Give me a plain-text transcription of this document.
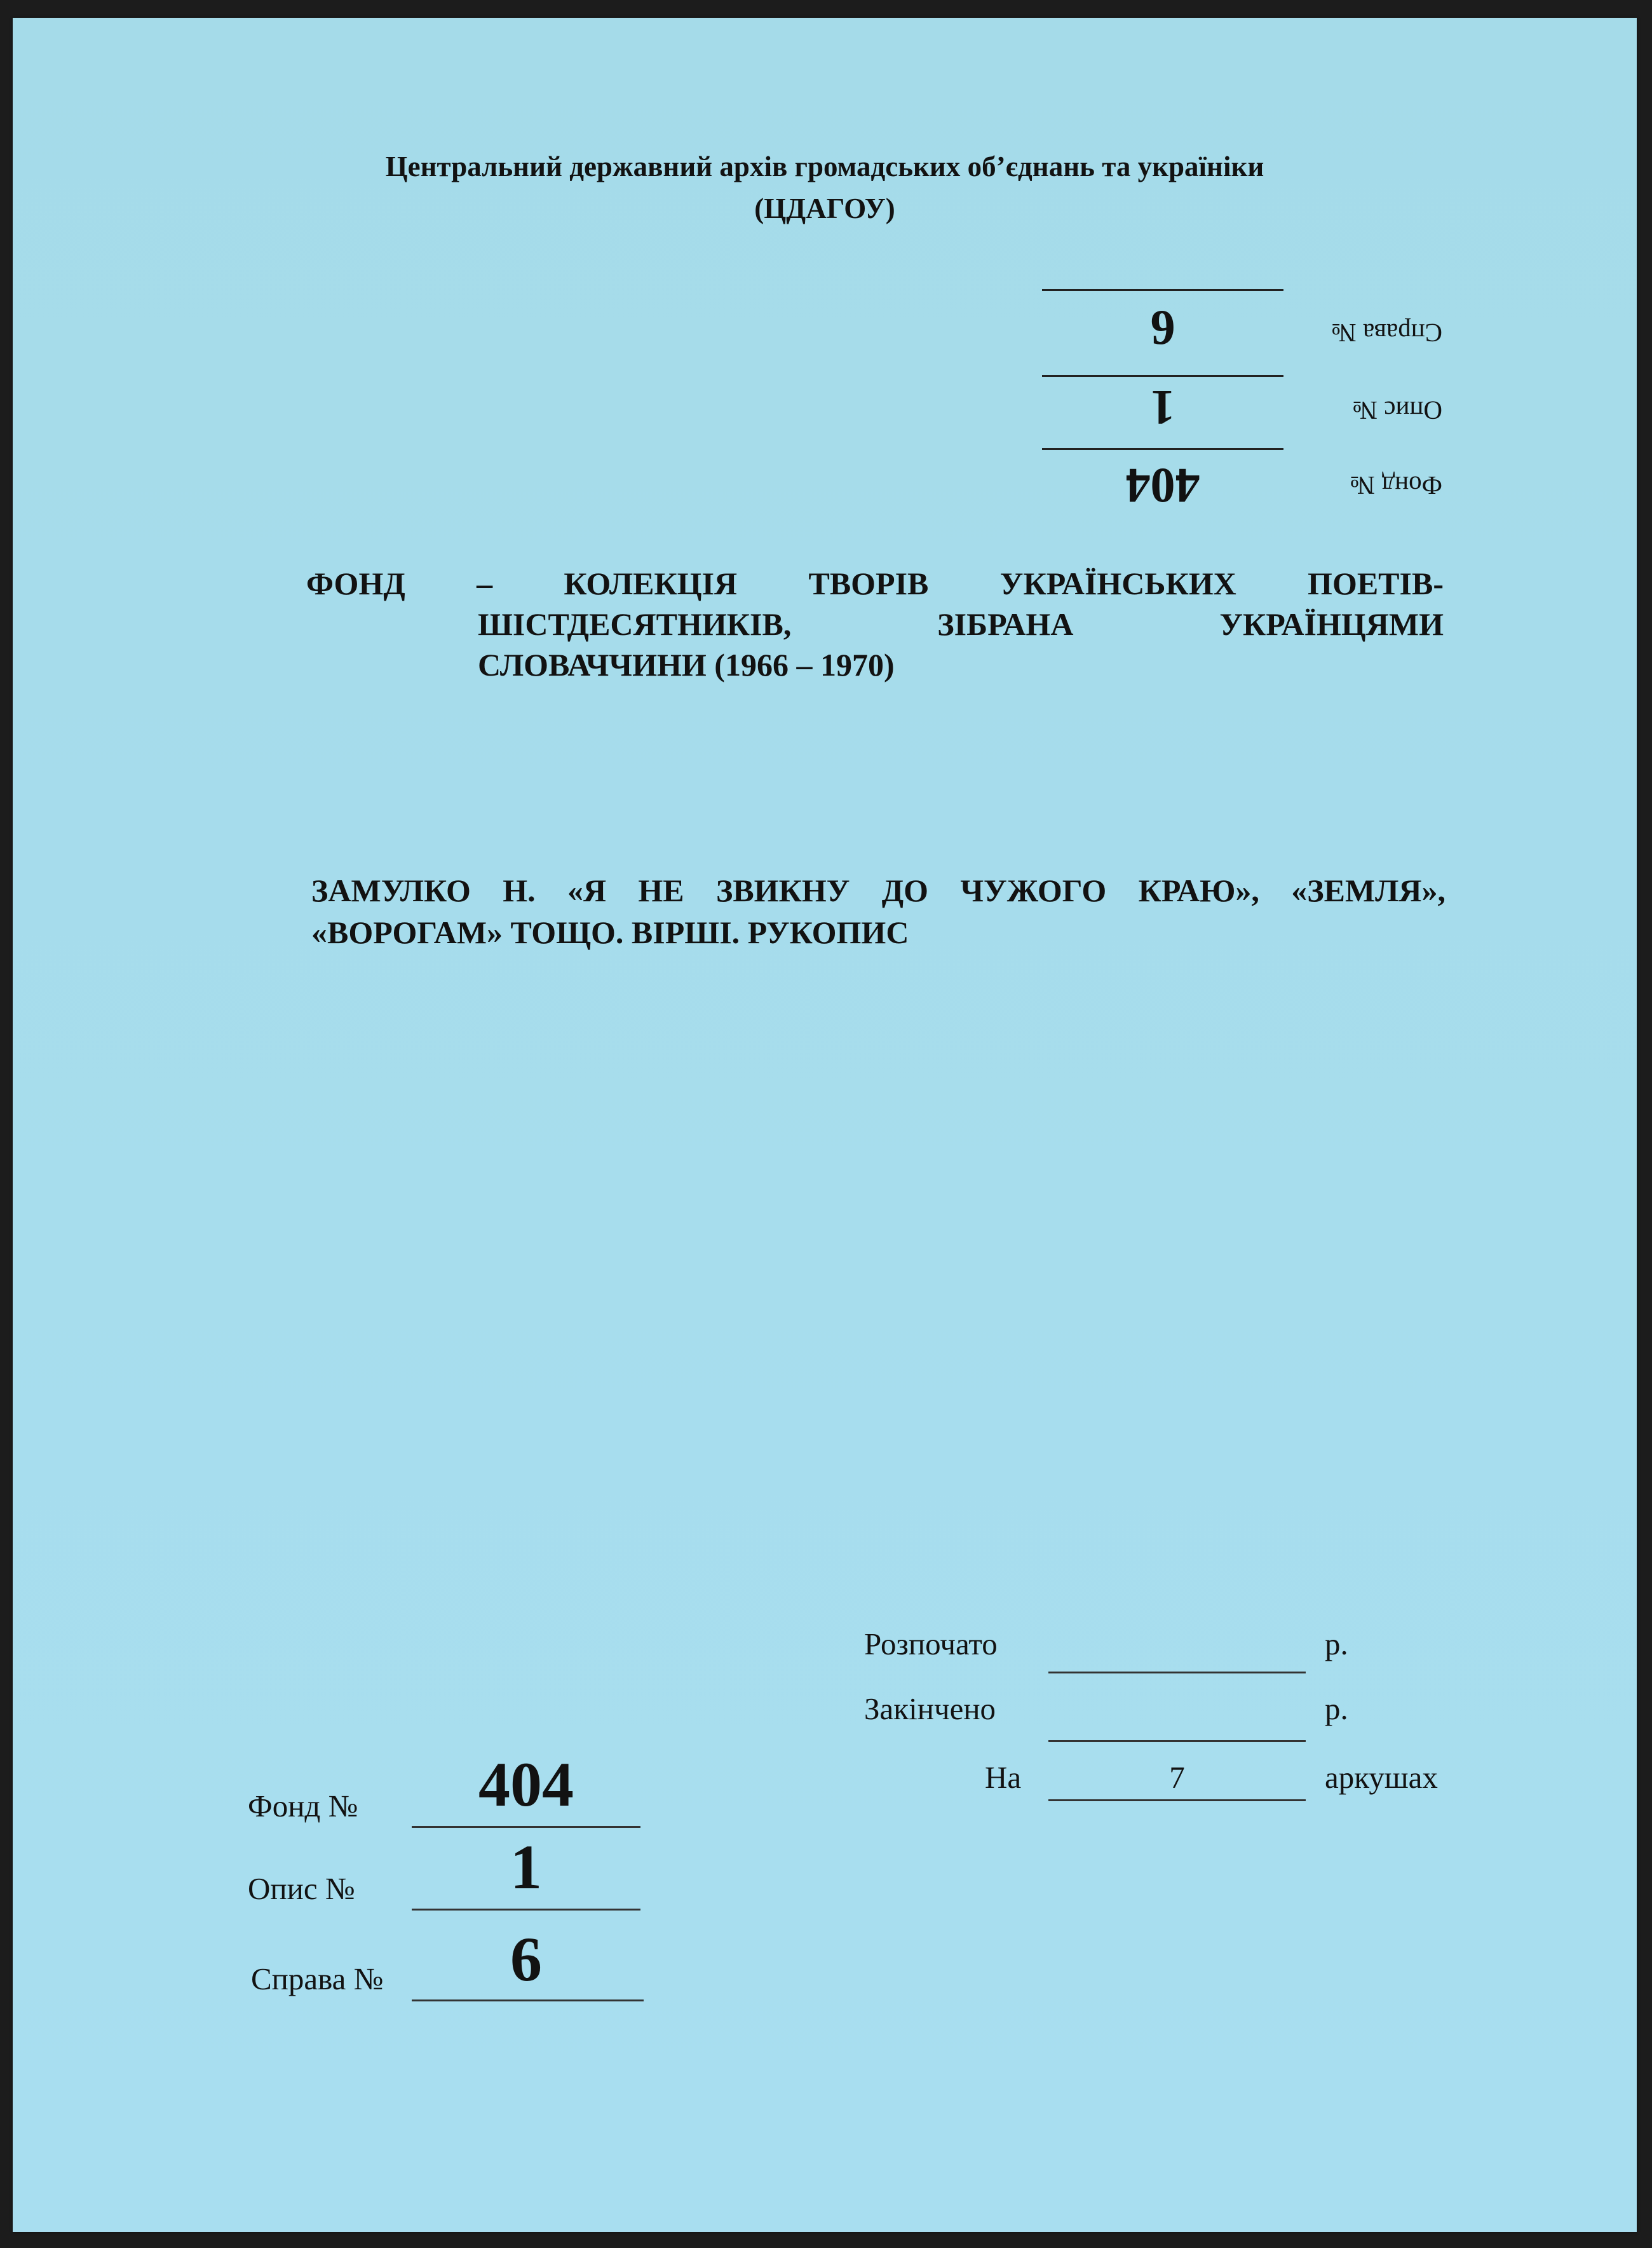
Центральний державний архів громадських об’єднань та україніки
(ЦДАГОУ)
Фонд №
404
Опис №
1
Справа №
6
ФОНД – КОЛЕКЦІЯ ТВОРІВ УКРАЇНСЬКИХ ПОЕТІВ-
ШІСТДЕСЯТНИКІВ, ЗІБРАНА УКРАЇНЦЯМИ
СЛОВАЧЧИНИ (1966 – 1970)
ЗАМУЛКО Н. «Я НЕ ЗВИКНУ ДО ЧУЖОГО КРАЮ», «ЗЕМЛЯ»,
«ВОРОГАМ» ТОЩО. ВІРШІ. РУКОПИС
Розпочато	р.
Закінчено	р.
На	7	аркушах
Фонд №	404
Опис №	1
Справа №	6
